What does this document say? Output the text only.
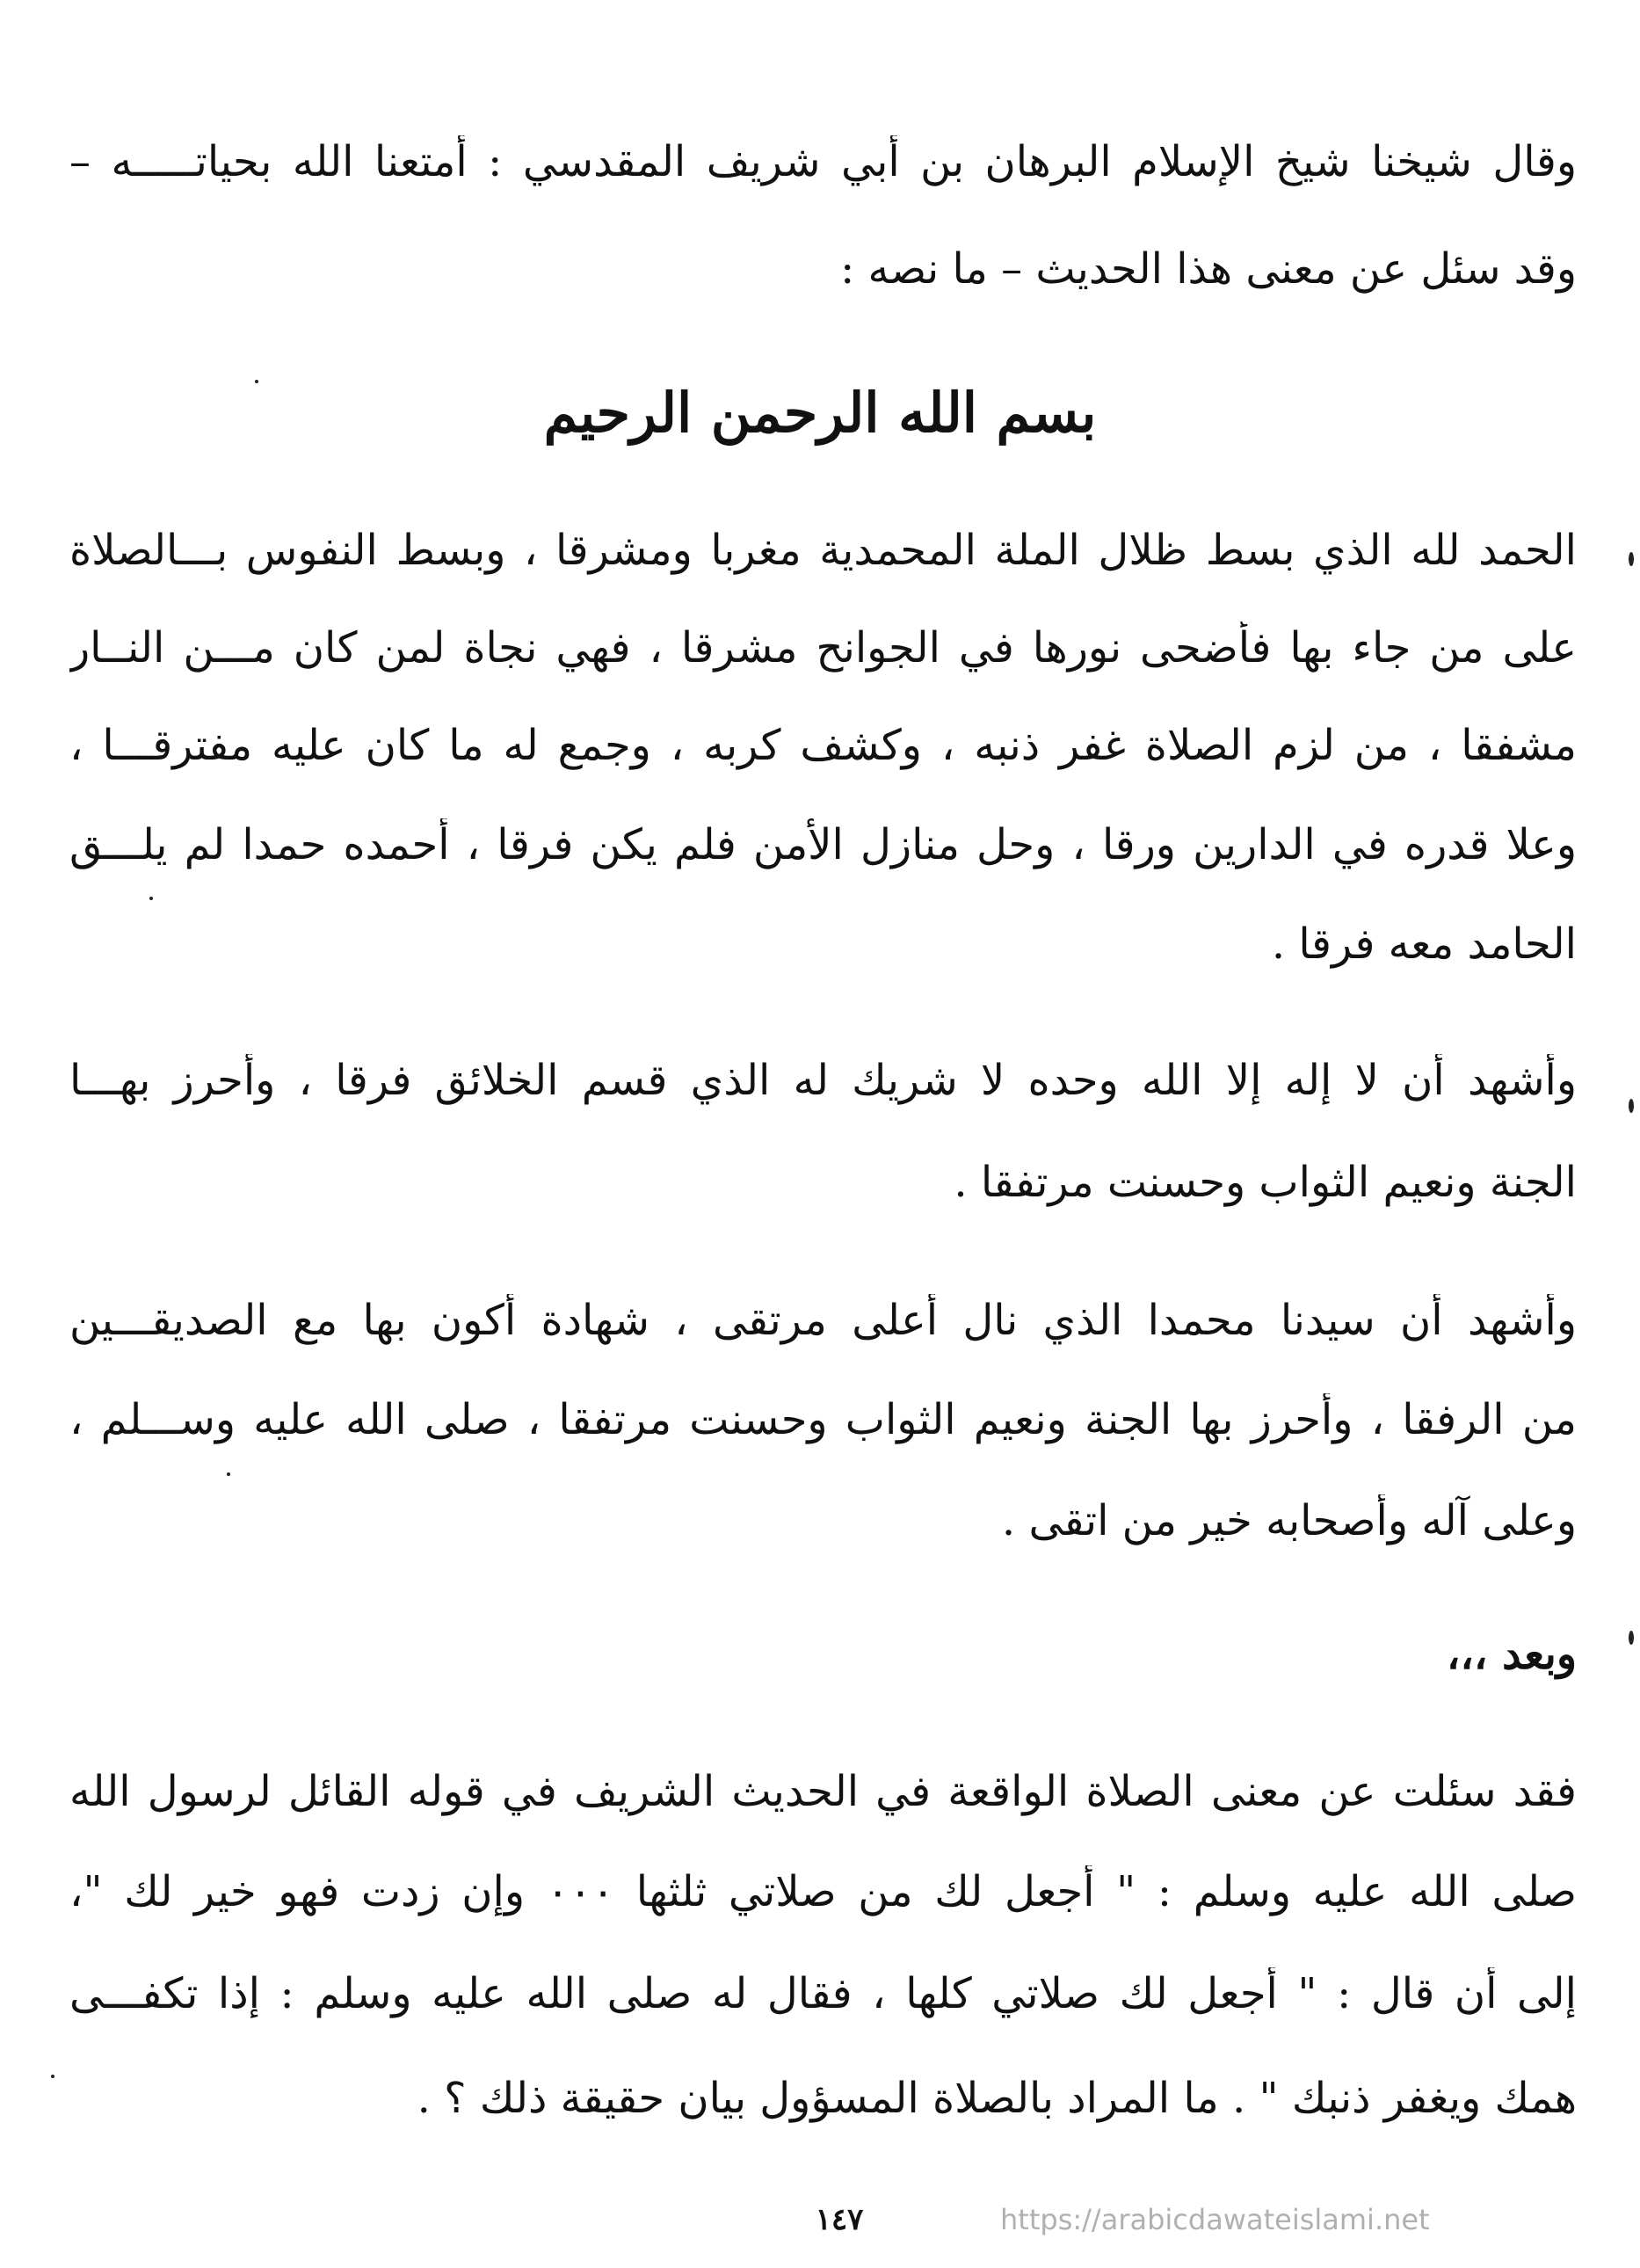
وقال شيخنا شيخ الإسلام البرهان بن أبي شريف المقدسي : أمتعنا الله بحياتـــــه –
وقد سئل عن معنى هذا الحديث – ما نصه :
بسم الله الرحمن الرحيم
الحمد لله الذي بسط ظلال الملة المحمدية مغربا ومشرقا ، وبسط النفوس بـــالصلاة
على من جاء بها فأضحى نورها في الجوانح مشرقا ، فهي نجاة لمن كان مـــن النــار
مشفقا ، من لزم الصلاة غفر ذنبه ، وكشف كربه ، وجمع له ما كان عليه مفترقـــا ،
وعلا قدره في الدارين ورقا ، وحل منازل الأمن فلم يكن فرقا ، أحمده حمدا لم يلـــق
الحامد معه فرقا .
وأشهد أن لا إله إلا الله وحده لا شريك له الذي قسم الخلائق فرقا ، وأحرز بهـــا
الجنة ونعيم الثواب وحسنت مرتفقا .
وأشهد أن سيدنا محمدا الذي نال أعلى مرتقى ، شهادة أكون بها مع الصديقـــين
من الرفقا ، وأحرز بها الجنة ونعيم الثواب وحسنت مرتفقا ، صلى الله عليه وســـلم ،
وعلى آله وأصحابه خير من اتقى .
وبعد ،،،
فقد سئلت عن معنى الصلاة الواقعة في الحديث الشريف في قوله القائل لرسول الله
صلى الله عليه وسلم : " أجعل لك من صلاتي ثلثها ٠٠٠ وإن زدت فهو خير لك "،
إلى أن قال : " أجعل لك صلاتي كلها ، فقال له صلى الله عليه وسلم : إذا تكفـــى
همك ويغفر ذنبك " . ما المراد بالصلاة المسؤول بيان حقيقة ذلك ؟ .
١٤٧	https://arabicdawateislami.net
